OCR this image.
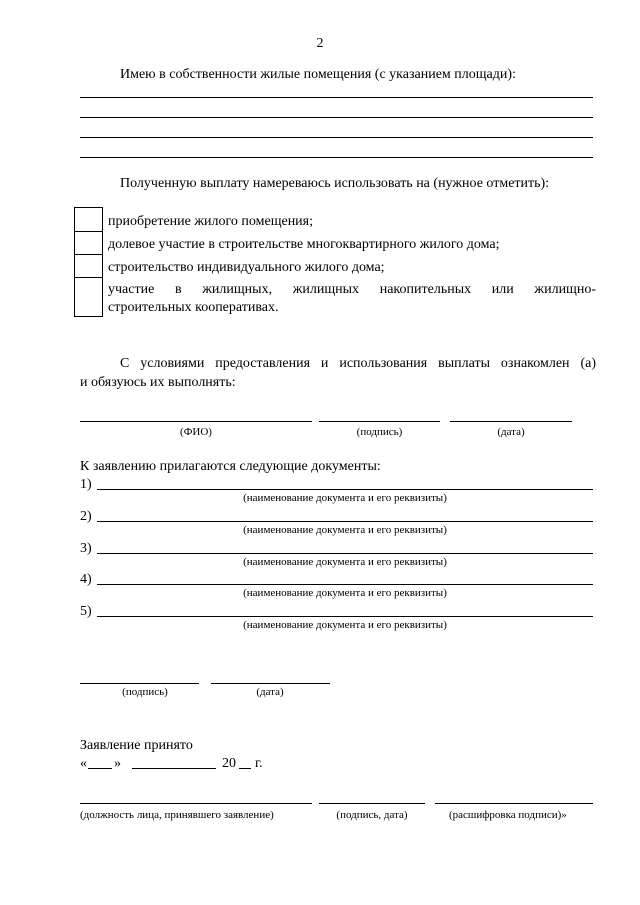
2
Имею в собственности жилые помещения (с указанием площади):
Полученную выплату намереваюсь использовать на (нужное отметить):
приобретение жилого помещения;
долевое участие в строительстве многоквартирного жилого дома;
строительство индивидуального жилого дома;
участие в жилищных, жилищных накопительных или жилищно-
строительных кооперативах.
С условиями предоставления и использования выплаты ознакомлен (а)
и обязуюсь их выполнять:
(ФИО)	(подпись)	(дата)
К заявлению прилагаются следующие документы:
1)
(наименование документа и его реквизиты)
2)
(наименование документа и его реквизиты)
3)
(наименование документа и его реквизиты)
4)
(наименование документа и его реквизиты)
5)
(наименование документа и его реквизиты)
(подпись)	(дата)
Заявление принято
« »	20 г.
(должность лица, принявшего заявление)	(подпись, дата)	(расшифровка подписи)»
